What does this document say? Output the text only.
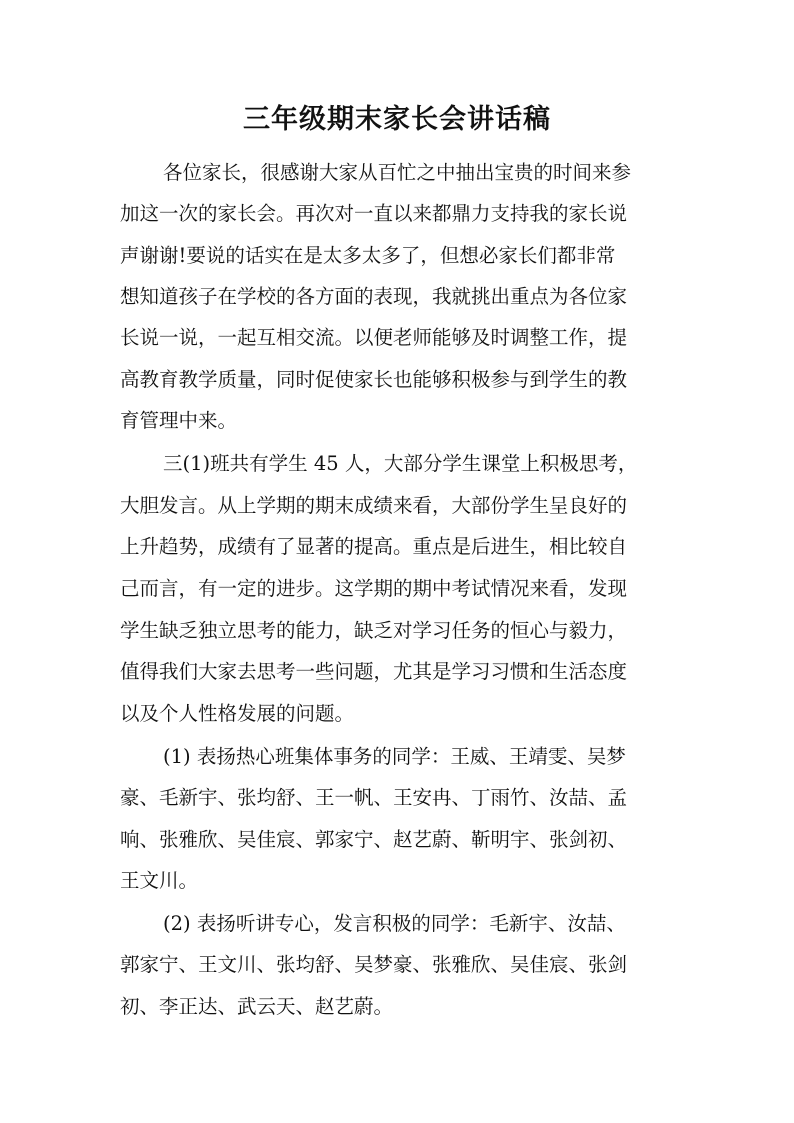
三年级期末家长会讲话稿

各位家长，很感谢大家从百忙之中抽出宝贵的时间来参

加这一次的家长会。再次对一直以来都鼎力支持我的家长说

声谢谢!要说的话实在是太多太多了，但想必家长们都非常

想知道孩子在学校的各方面的表现，我就挑出重点为各位家

长说一说，一起互相交流。以便老师能够及时调整工作，提

高教育教学质量，同时促使家长也能够积极参与到学生的教

育管理中来。

三(1)班共有学生 45 人，大部分学生课堂上积极思考，

大胆发言。从上学期的期末成绩来看，大部份学生呈良好的

上升趋势，成绩有了显著的提高。重点是后进生，相比较自

己而言，有一定的进步。这学期的期中考试情况来看，发现

学生缺乏独立思考的能力，缺乏对学习任务的恒心与毅力，

值得我们大家去思考一些问题，尤其是学习习惯和生活态度

以及个人性格发展的问题。

(1) 表扬热心班集体事务的同学：王威、王靖雯、吴梦

豪、毛新宇、张均舒、王一帆、王安冉、丁雨竹、汝喆、孟

响、张雅欣、吴佳宸、郭家宁、赵艺蔚、靳明宇、张剑初、

王文川。

(2) 表扬听讲专心，发言积极的同学：毛新宇、汝喆、

郭家宁、王文川、张均舒、吴梦豪、张雅欣、吴佳宸、张剑

初、李正达、武云天、赵艺蔚。
